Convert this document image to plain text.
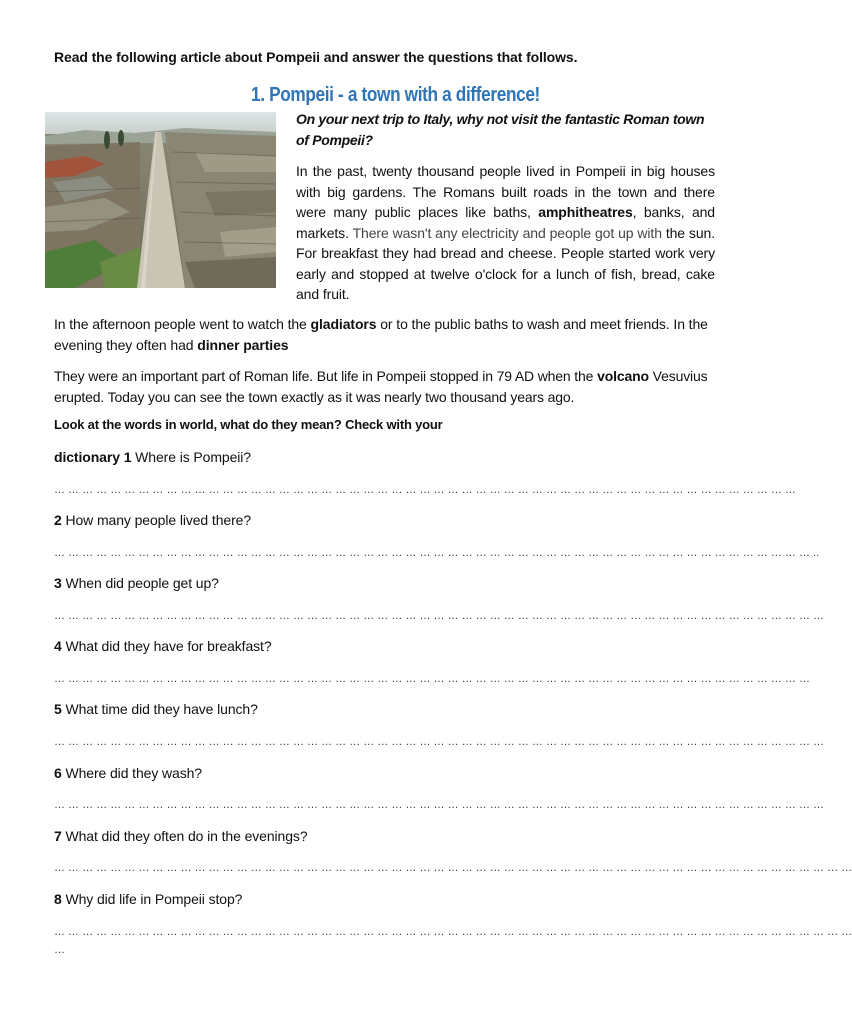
Read the following article about Pompeii and answer the questions that follows.
1. Pompeii - a town with a difference!
On your next trip to Italy, why not visit the fantastic Roman town of Pompeii?
In the past, twenty thousand people lived in Pompeii in big houses with big gardens. The Romans built roads in the town and there were many public places like baths, amphitheatres, banks, and markets. There wasn't any electricity and people got up with the sun. For breakfast they had bread and cheese. People started work very early and stopped at twelve o'clock for a lunch of fish, bread, cake and fruit.
In the afternoon people went to watch the gladiators or to the public baths to wash and meet friends. In the evening they often had dinner parties
They were an important part of Roman life. But life in Pompeii stopped in 79 AD when the volcano Vesuvius erupted. Today you can see the town exactly as it was nearly two thousand years ago.
Look at the words in world, what do they mean? Check with your
dictionary 1 Where is Pompeii?
… … … … … … … … … … … … … … … … … … … … … … … … … … … … … … … … … … … … … … … … … … … … … … … … … … … … …
2 How many people lived there?
… … … … … … … … … … … … … … … … … … … … … … … … … … … … … … … … … … … … … … … … … … … … … … … … … … … … … … ..
3 When did people get up?
… … … … … … … … … … … … … … … … … … … … … … … … … … … … … … … … … … … … … … … … … … … … … … … … … … … … … … …
4 What did they have for breakfast?
… … … … … … … … … … … … … … … … … … … … … … … … … … … … … … … … … … … … … … … … … … … … … … … … … … … … … …
5 What time did they have lunch?
… … … … … … … … … … … … … … … … … … … … … … … … … … … … … … … … … … … … … … … … … … … … … … … … … … … … … … …
6 Where did they wash?
… … … … … … … … … … … … … … … … … … … … … … … … … … … … … … … … … … … … … … … … … … … … … … … … … … … … … … …
7 What did they often do in the evenings?
… … … … … … … … … … … … … … … … … … … … … … … … … … … … … … … … … … … … … … … … … … … … … … … … … … … … … … … … …
8 Why did life in Pompeii stop?
… … … … … … … … … … … … … … … … … … … … … … … … … … … … … … … … … … … … … … … … … … … … … … … … … … … … … … … … …
…
